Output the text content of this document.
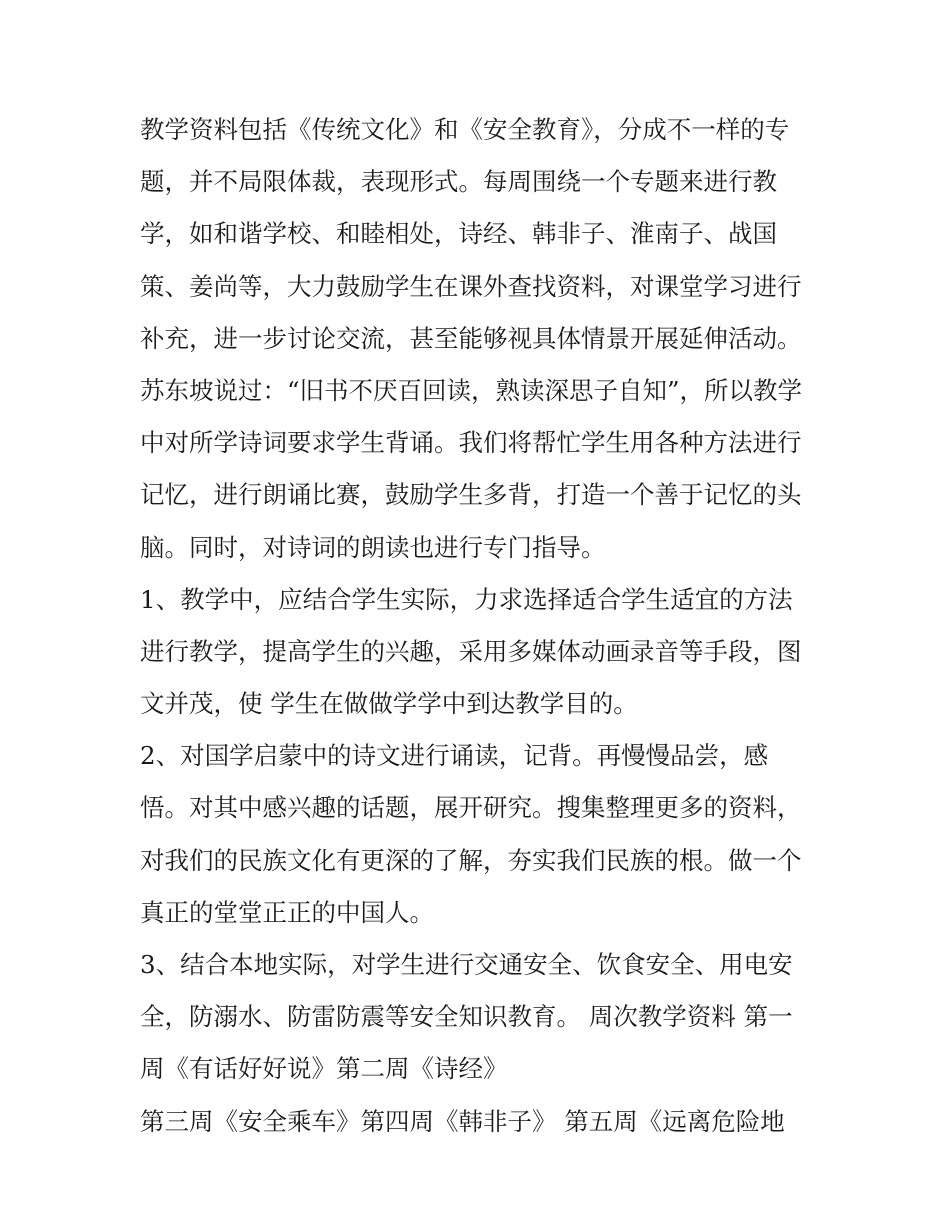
教学资料包括《传统文化》和《安全教育》，分成不一样的专
题，并不局限体裁，表现形式。每周围绕一个专题来进行教
学，如和谐学校、和睦相处，诗经、韩非子、淮南子、战国
策、姜尚等，大力鼓励学生在课外查找资料，对课堂学习进行
补充，进一步讨论交流，甚至能够视具体情景开展延伸活动。
苏东坡说过：“旧书不厌百回读，熟读深思子自知”，所以教学
中对所学诗词要求学生背诵。我们将帮忙学生用各种方法进行
记忆，进行朗诵比赛，鼓励学生多背，打造一个善于记忆的头
脑。同时，对诗词的朗读也进行专门指导。
1、教学中，应结合学生实际，力求选择适合学生适宜的方法
进行教学，提高学生的兴趣，采用多媒体动画录音等手段，图
文并茂，使 学生在做做学学中到达教学目的。
2、对国学启蒙中的诗文进行诵读，记背。再慢慢品尝，感
悟。对其中感兴趣的话题，展开研究。搜集整理更多的资料，
对我们的民族文化有更深的了解，夯实我们民族的根。做一个
真正的堂堂正正的中国人。
3、结合本地实际，对学生进行交通安全、饮食安全、用电安
全，防溺水、防雷防震等安全知识教育。 周次教学资料 第一
周《有话好好说》第二周《诗经》
第三周《安全乘车》第四周《韩非子》 第五周《远离危险地
